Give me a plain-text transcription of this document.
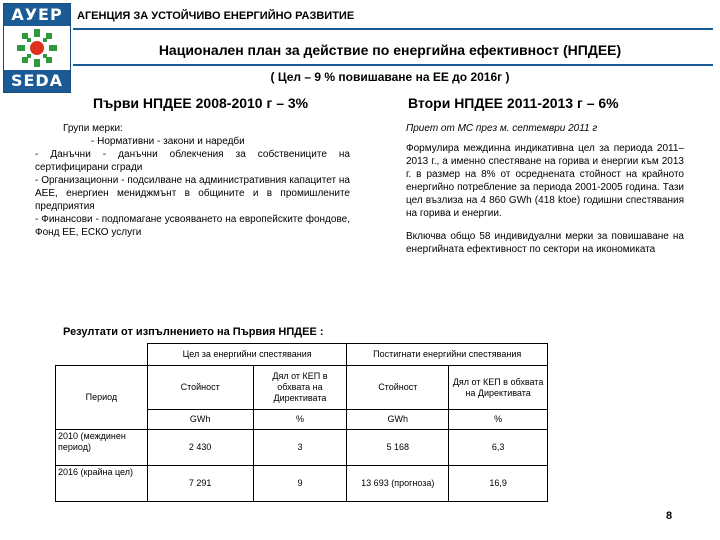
АУЕР
SEDA
АГЕНЦИЯ ЗА УСТОЙЧИВО ЕНЕРГИЙНО РАЗВИТИЕ
Национален план за действие по енергийна ефективност (НПДЕЕ)
( Цел – 9 % повишаване на ЕЕ до 2016г )
Първи НПДЕЕ 2008-2010 г – 3%	Втори НПДЕЕ 2011-2013 г – 6%
Групи мерки:
- Нормативни - закони и наредби
- Данъчни - данъчни облекчения за собствениците на сертифицирани сгради
- Организационни - подсилване на административния капацитет на АЕЕ, енергиен мениджмънт в общините и в промишлените предприятия
- Финансови - подпомагане усвояването на европейските фондове, Фонд ЕЕ, ЕСКО услуги

Приет от МС през м. септември 2011 г

Формулира междинна индикативна цел за периода 2011–2013 г., а именно спестяване на горива и енергии към 2013 г. в размер на 8% от осреднената стойност на крайното енергийно потребление за периода 2001-2005 година. Тази цел възлиза на 4 860 GWh (418 ktoe) годишни спестявания на горива и енергии.

Включва общо 58 индивидуални мерки за повишаване на енергийната ефективност по сектори на икономиката

Резултати от изпълнението на Първия НПДЕЕ :
	Цел за енергийни спестявания		Постигнати енергийни спестявания	
Период	Стойност	Дял от КЕП в обхвата на Директивата	Стойност	Дял от КЕП в обхвата на Директивата
	GWh	%	GWh	%
2010 (междинен период)	2 430	3	5 168	6,3
2016 (крайна цел)	7 291	9	13 693 (прогноза)	16,9
8
